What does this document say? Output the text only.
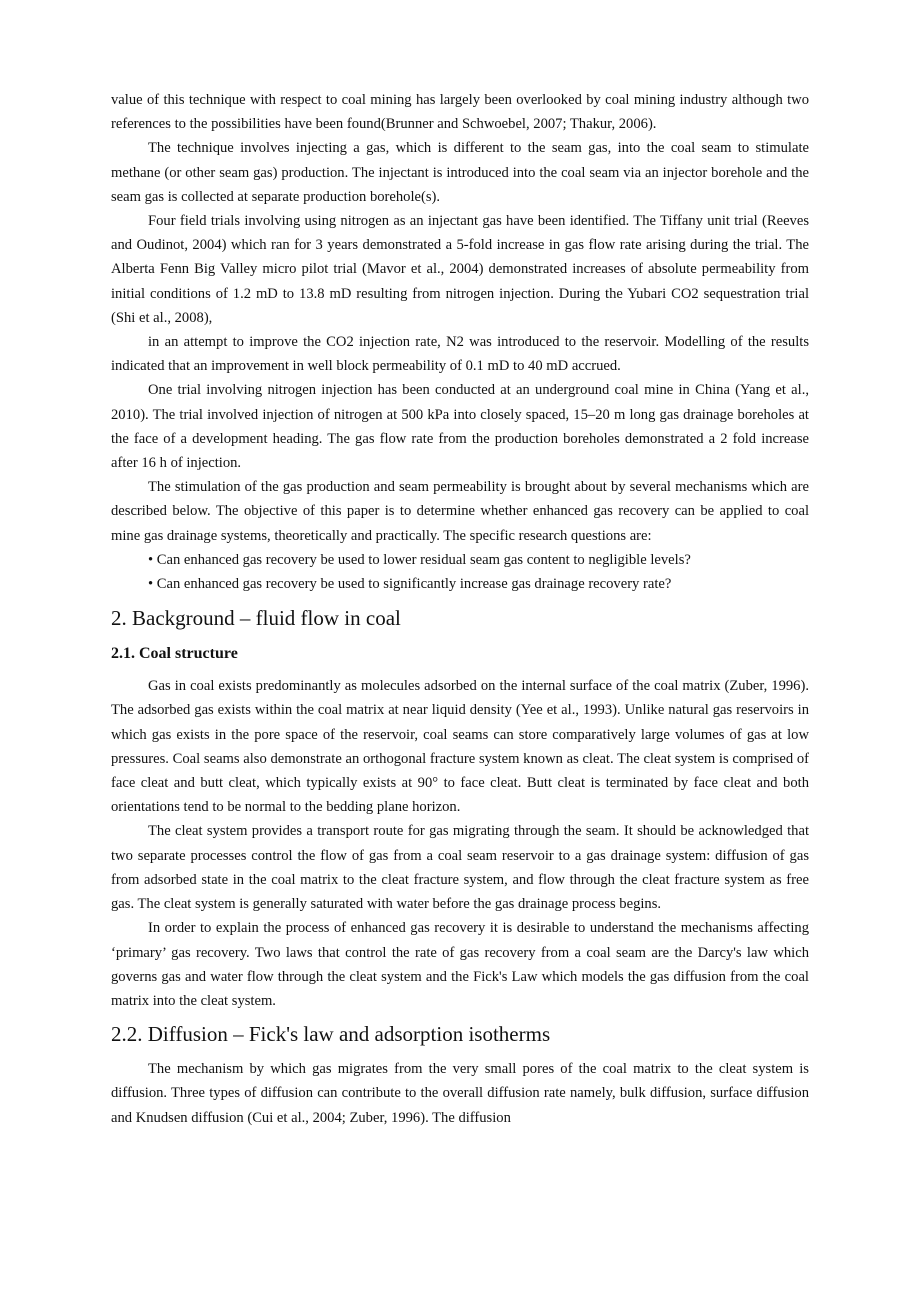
value of this technique with respect to coal mining has largely been overlooked by coal mining industry although two references to the possibilities have been found(Brunner and Schwoebel, 2007; Thakur, 2006).

The technique involves injecting a gas, which is different to the seam gas, into the coal seam to stimulate methane (or other seam gas) production. The injectant is introduced into the coal seam via an injector borehole and the seam gas is collected at separate production borehole(s).

Four field trials involving using nitrogen as an injectant gas have been identified. The Tiffany unit trial (Reeves and Oudinot, 2004) which ran for 3 years demonstrated a 5-fold increase in gas flow rate arising during the trial. The Alberta Fenn Big Valley micro pilot trial (Mavor et al., 2004) demonstrated increases of absolute permeability from initial conditions of 1.2 mD to 13.8 mD resulting from nitrogen injection. During the Yubari CO2 sequestration trial (Shi et al., 2008),

in an attempt to improve the CO2 injection rate, N2 was introduced to the reservoir. Modelling of the results indicated that an improvement in well block permeability of 0.1 mD to 40 mD accrued.

One trial involving nitrogen injection has been conducted at an underground coal mine in China (Yang et al., 2010). The trial involved injection of nitrogen at 500 kPa into closely spaced, 15–20 m long gas drainage boreholes at the face of a development heading. The gas flow rate from the production boreholes demonstrated a 2 fold increase after 16 h of injection.

The stimulation of the gas production and seam permeability is brought about by several mechanisms which are described below. The objective of this paper is to determine whether enhanced gas recovery can be applied to coal mine gas drainage systems, theoretically and practically. The specific research questions are:

• Can enhanced gas recovery be used to lower residual seam gas content to negligible levels?
• Can enhanced gas recovery be used to significantly increase gas drainage recovery rate?
2. Background – fluid flow in coal
2.1. Coal structure

Gas in coal exists predominantly as molecules adsorbed on the internal surface of the coal matrix (Zuber, 1996). The adsorbed gas exists within the coal matrix at near liquid density (Yee et al., 1993). Unlike natural gas reservoirs in which gas exists in the pore space of the reservoir, coal seams can store comparatively large volumes of gas at low pressures. Coal seams also demonstrate an orthogonal fracture system known as cleat. The cleat system is comprised of face cleat and butt cleat, which typically exists at 90° to face cleat. Butt cleat is terminated by face cleat and both orientations tend to be normal to the bedding plane horizon.

The cleat system provides a transport route for gas migrating through the seam. It should be acknowledged that two separate processes control the flow of gas from a coal seam reservoir to a gas drainage system: diffusion of gas from adsorbed state in the coal matrix to the cleat fracture system, and flow through the cleat fracture system as free gas. The cleat system is generally saturated with water before the gas drainage process begins.

In order to explain the process of enhanced gas recovery it is desirable to understand the mechanisms affecting ‘primary’ gas recovery. Two laws that control the rate of gas recovery from a coal seam are the Darcy's law which governs gas and water flow through the cleat system and the Fick's Law which models the gas diffusion from the coal matrix into the cleat system.

2.2. Diffusion – Fick's law and adsorption isotherms

The mechanism by which gas migrates from the very small pores of the coal matrix to the cleat system is diffusion. Three types of diffusion can contribute to the overall diffusion rate namely, bulk diffusion, surface diffusion and Knudsen diffusion (Cui et al., 2004; Zuber, 1996). The diffusion
